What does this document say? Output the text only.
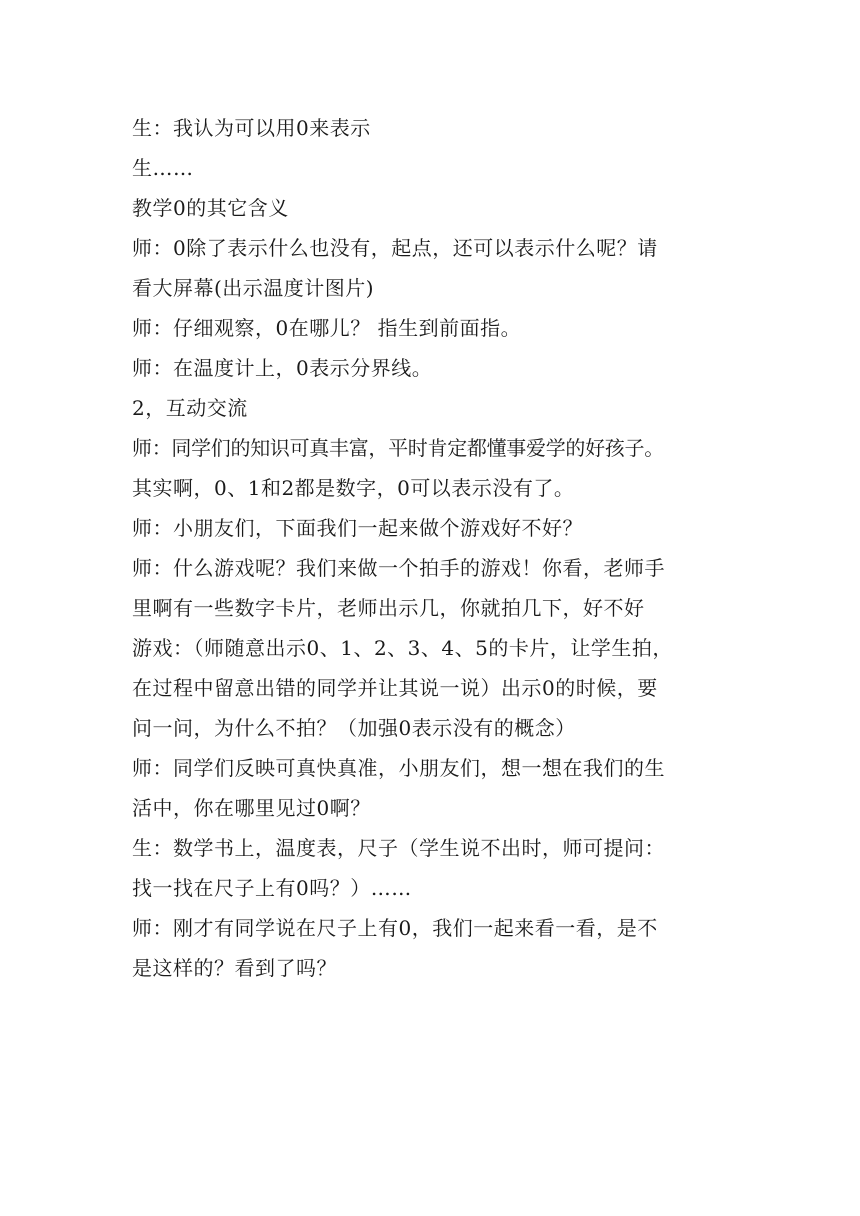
生：我认为可以用0来表示
生……
教学0的其它含义
师：0除了表示什么也没有，起点，还可以表示什么呢？请
看大屏幕(出示温度计图片)
师：仔细观察，0在哪儿？ 指生到前面指。
师：在温度计上，0表示分界线。
2，互动交流
师：同学们的知识可真丰富，平时肯定都懂事爱学的好孩子。
其实啊，0、1和2都是数字，0可以表示没有了。
师：小朋友们，下面我们一起来做个游戏好不好？
师：什么游戏呢？我们来做一个拍手的游戏！你看，老师手
里啊有一些数字卡片，老师出示几，你就拍几下，好不好
游戏：（师随意出示0、1、2、3、4、5的卡片，让学生拍，
在过程中留意出错的同学并让其说一说）出示0的时候，要
问一问，为什么不拍？（加强0表示没有的概念）
师：同学们反映可真快真准，小朋友们，想一想在我们的生
活中，你在哪里见过0啊？
生：数学书上，温度表，尺子（学生说不出时，师可提问：
找一找在尺子上有0吗？）……
师：刚才有同学说在尺子上有0，我们一起来看一看，是不
是这样的？看到了吗？
